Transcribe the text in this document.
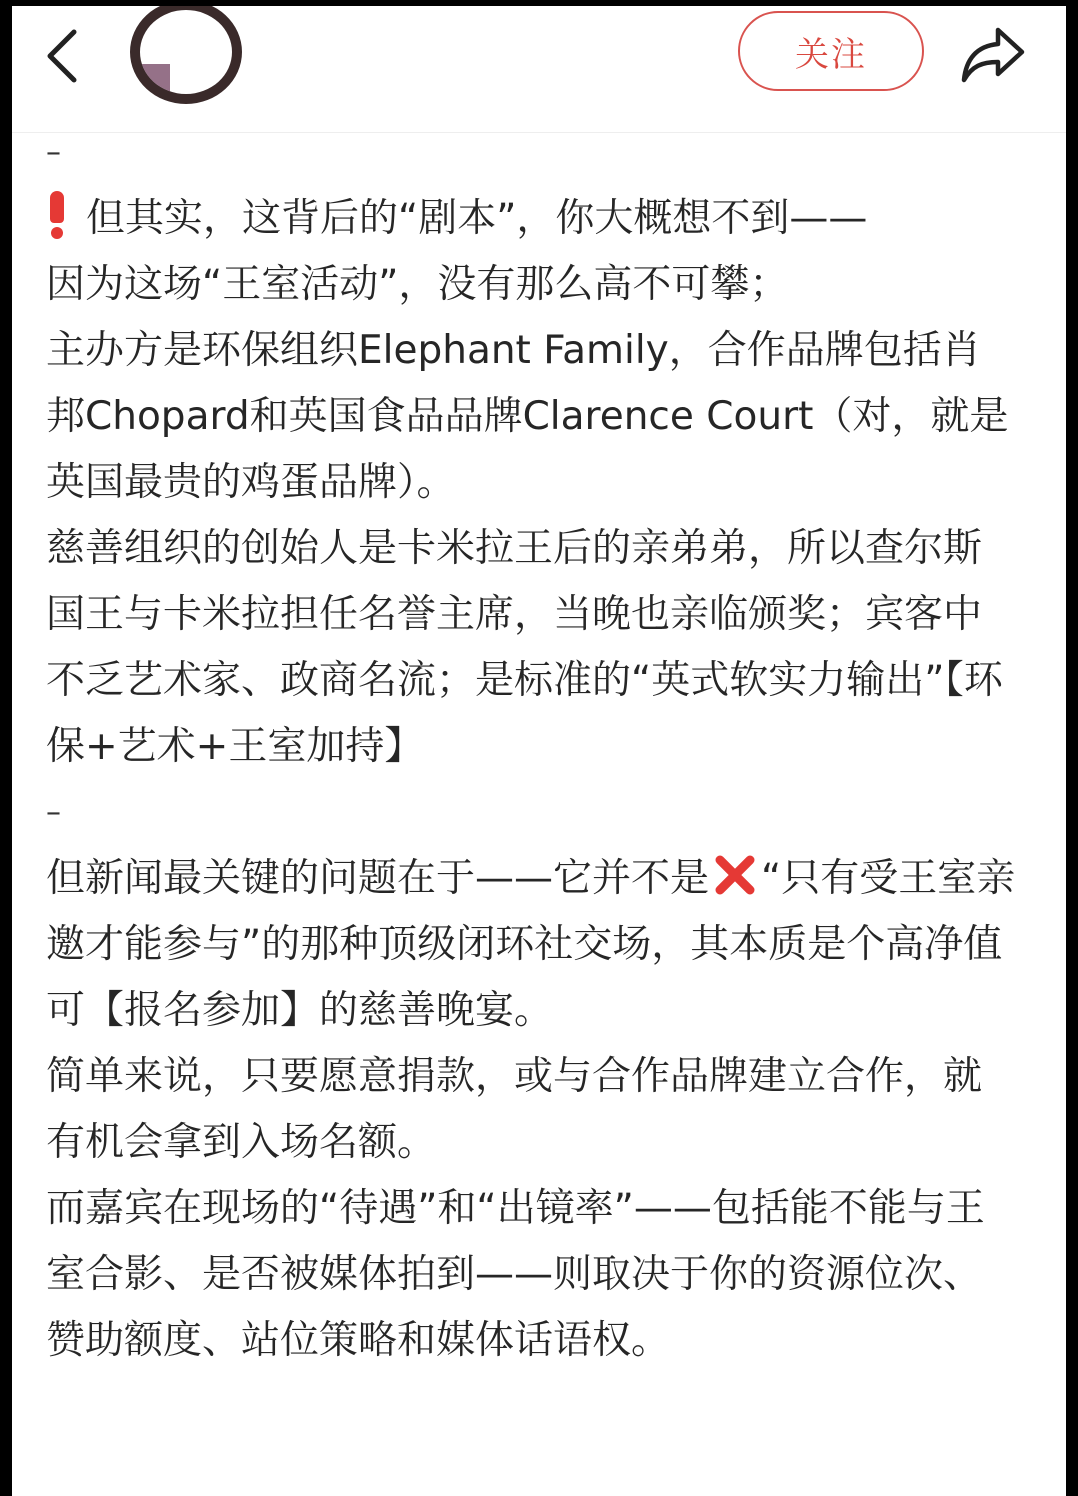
关注
–

但其实，这背后的“剧本”，你大概想不到——

因为这场“王室活动”，没有那么高不可攀；

主办方是环保组织Elephant Family，合作品牌包括肖邦Chopard和英国食品品牌Clarence Court（对，就是英国最贵的鸡蛋品牌）。

慈善组织的创始人是卡米拉王后的亲弟弟，所以查尔斯国王与卡米拉担任名誉主席，当晚也亲临颁奖；宾客中不乏艺术家、政商名流；是标准的“英式软实力输出”【环保+艺术+王室加持】

–

但新闻最关键的问题在于——它并不是 “只有受王室亲邀才能参与”的那种顶级闭环社交场，其本质是个高净值可【报名参加】的慈善晚宴。

简单来说，只要愿意捐款，或与合作品牌建立合作，就有机会拿到入场名额。

而嘉宾在现场的“待遇”和“出镜率”——包括能不能与王室合影、是否被媒体拍到——则取决于你的资源位次、赞助额度、站位策略和媒体话语权。
